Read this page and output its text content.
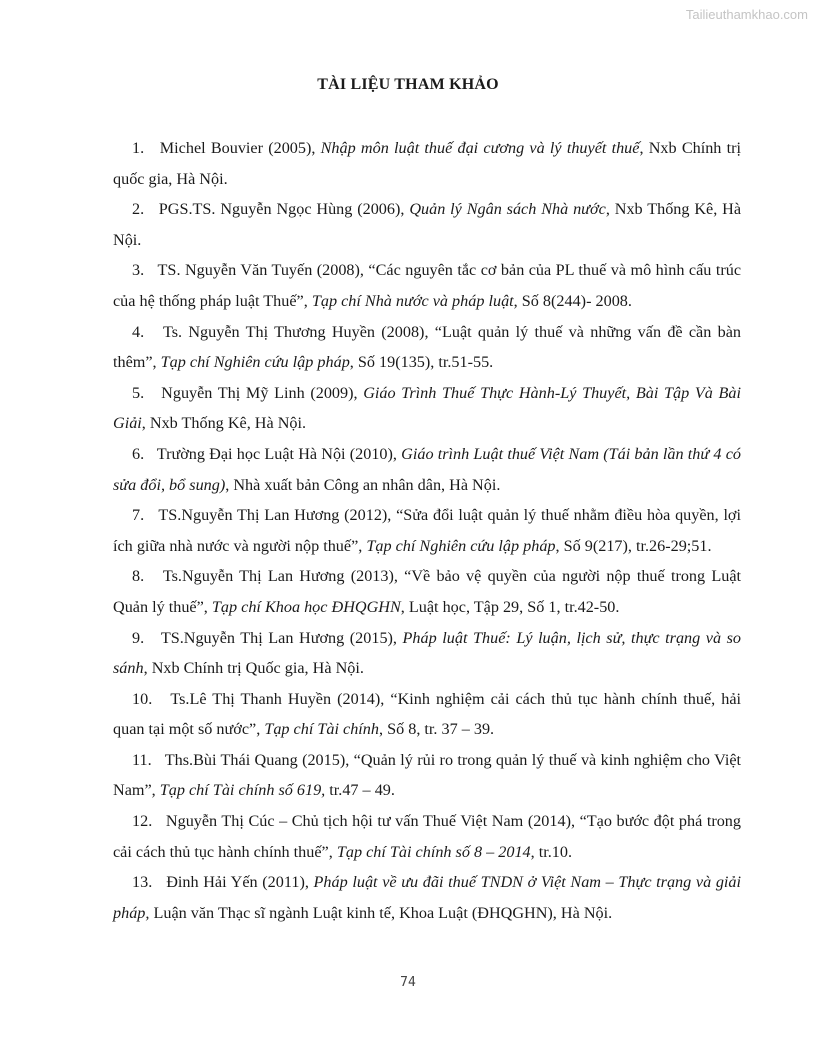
Tailieuthamkhao.com
TÀI LIỆU THAM KHẢO
1. Michel Bouvier (2005), Nhập môn luật thuế đại cương và lý thuyết thuế, Nxb Chính trị quốc gia, Hà Nội.
2. PGS.TS. Nguyễn Ngọc Hùng (2006), Quản lý Ngân sách Nhà nước, Nxb Thống Kê, Hà Nội.
3. TS. Nguyễn Văn Tuyến (2008), “Các nguyên tắc cơ bản của PL thuế và mô hình cấu trúc của hệ thống pháp luật Thuế”, Tạp chí Nhà nước và pháp luật, Số 8(244)- 2008.
4. Ts. Nguyễn Thị Thương Huyền (2008), “Luật quản lý thuế và những vấn đề cần bàn thêm”, Tạp chí Nghiên cứu lập pháp, Số 19(135), tr.51-55.
5. Nguyễn Thị Mỹ Linh (2009), Giáo Trình Thuế Thực Hành-Lý Thuyết, Bài Tập Và Bài Giải, Nxb Thống Kê, Hà Nội.
6. Trường Đại học Luật Hà Nội (2010), Giáo trình Luật thuế Việt Nam (Tái bản lần thứ 4 có sửa đổi, bổ sung), Nhà xuất bản Công an nhân dân, Hà Nội.
7. TS.Nguyễn Thị Lan Hương (2012), “Sửa đổi luật quản lý thuế nhằm điều hòa quyền, lợi ích giữa nhà nước và người nộp thuế”, Tạp chí Nghiên cứu lập pháp, Số 9(217), tr.26-29;51.
8. Ts.Nguyễn Thị Lan Hương (2013), “Về bảo vệ quyền của người nộp thuế trong Luật Quản lý thuế”, Tạp chí Khoa học ĐHQGHN, Luật học, Tập 29, Số 1, tr.42-50.
9. TS.Nguyễn Thị Lan Hương (2015), Pháp luật Thuế: Lý luận, lịch sử, thực trạng và so sánh, Nxb Chính trị Quốc gia, Hà Nội.
10. Ts.Lê Thị Thanh Huyền (2014), “Kinh nghiệm cải cách thủ tục hành chính thuế, hải quan tại một số nước”, Tạp chí Tài chính, Số 8, tr. 37 – 39.
11. Ths.Bùi Thái Quang (2015), “Quản lý rủi ro trong quản lý thuế và kinh nghiệm cho Việt Nam”, Tạp chí Tài chính số 619, tr.47 – 49.
12. Nguyễn Thị Cúc – Chủ tịch hội tư vấn Thuế Việt Nam (2014), “Tạo bước đột phá trong cải cách thủ tục hành chính thuế”, Tạp chí Tài chính số 8 – 2014, tr.10.
13. Đinh Hải Yến (2011), Pháp luật về ưu đãi thuế TNDN ở Việt Nam – Thực trạng và giải pháp, Luận văn Thạc sĩ ngành Luật kinh tế, Khoa Luật (ĐHQGHN), Hà Nội.
74
